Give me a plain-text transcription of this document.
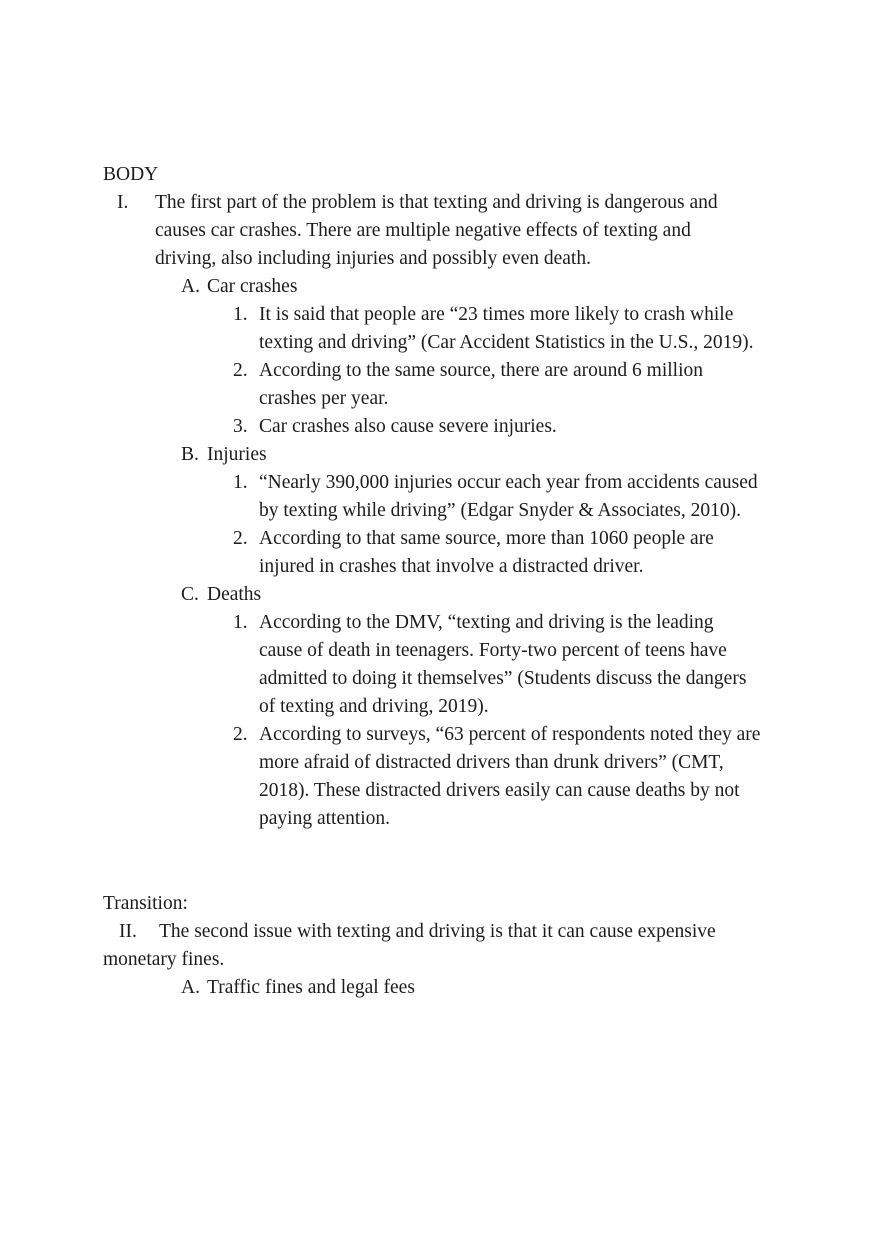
BODY
I. The first part of the problem is that texting and driving is dangerous and
causes car crashes. There are multiple negative effects of texting and
driving, also including injuries and possibly even death.
A. Car crashes
1. It is said that people are “23 times more likely to crash while
texting and driving” (Car Accident Statistics in the U.S., 2019).
2. According to the same source, there are around 6 million
crashes per year.
3. Car crashes also cause severe injuries.
B. Injuries
1. “Nearly 390,000 injuries occur each year from accidents caused
by texting while driving” (Edgar Snyder & Associates, 2010).
2. According to that same source, more than 1060 people are
injured in crashes that involve a distracted driver.
C. Deaths
1. According to the DMV, “texting and driving is the leading
cause of death in teenagers. Forty-two percent of teens have
admitted to doing it themselves” (Students discuss the dangers
of texting and driving, 2019).
2. According to surveys, “63 percent of respondents noted they are
more afraid of distracted drivers than drunk drivers” (CMT,
2018). These distracted drivers easily can cause deaths by not
paying attention.
Transition:
II. The second issue with texting and driving is that it can cause expensive
monetary fines.
A. Traffic fines and legal fees
